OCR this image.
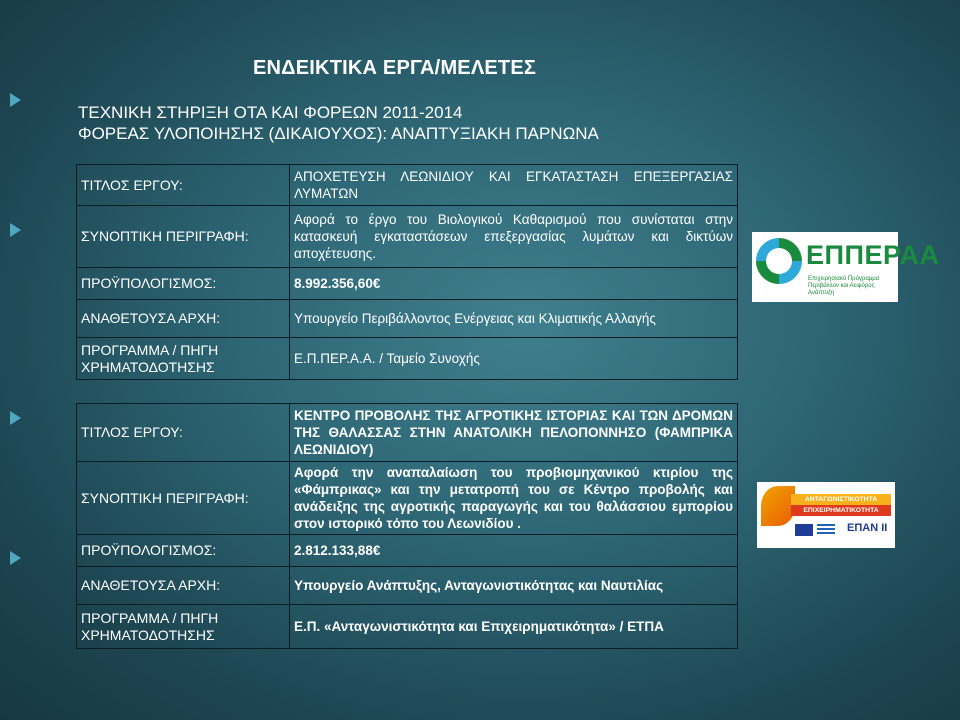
ΕΝΔΕΙΚΤΙΚΑ ΕΡΓΑ/ΜΕΛΕΤΕΣ

ΤΕΧΝΙΚΗ ΣΤΗΡΙΞΗ ΟΤΑ ΚΑΙ ΦΟΡΕΩΝ 2011-2014

ΦΟΡΕΑΣ ΥΛΟΠΟΙΗΣΗΣ (ΔΙΚΑΙΟΥΧΟΣ): ΑΝΑΠΤΥΞΙΑΚΗ ΠΑΡΝΩΝΑ

ΤΙΤΛΟΣ ΕΡΓΟΥ:	ΑΠΟΧΕΤΕΥΣΗ ΛΕΩΝΙΔΙΟΥ ΚΑΙ ΕΓΚΑΤΑΣΤΑΣΗ ΕΠΕΞΕΡΓΑΣΙΑΣ ΛΥΜΑΤΩΝ
ΣΥΝΟΠΤΙΚΗ ΠΕΡΙΓΡΑΦΗ:	Αφορά το έργο του Βιολογικού Καθαρισμού που συνίσταται στην κατασκευή εγκαταστάσεων επεξεργασίας λυμάτων και δικτύων αποχέτευσης.
ΠΡΟΫΠΟΛΟΓΙΣΜΟΣ:	8.992.356,60€
ΑΝΑΘΕΤΟΥΣΑ ΑΡΧΗ:	Υπουργείο Περιβάλλοντος Ενέργειας και Κλιματικής Αλλαγής
ΠΡΟΓΡΑΜΜΑ / ΠΗΓΗ ΧΡΗΜΑΤΟΔΟΤΗΣΗΣ	Ε.Π.ΠΕΡ.Α.Α. / Ταμείο Συνοχής
ΤΙΤΛΟΣ ΕΡΓΟΥ:	ΚΕΝΤΡΟ ΠΡΟΒΟΛΗΣ ΤΗΣ ΑΓΡΟΤΙΚΗΣ ΙΣΤΟΡΙΑΣ ΚΑΙ ΤΩΝ ΔΡΟΜΩΝ ΤΗΣ ΘΑΛΑΣΣΑΣ ΣΤΗΝ ΑΝΑΤΟΛΙΚΗ ΠΕΛΟΠΟΝΝΗΣΟ (ΦΑΜΠΡΙΚΑ ΛΕΩΝΙΔΙΟΥ)
ΣΥΝΟΠΤΙΚΗ ΠΕΡΙΓΡΑΦΗ:	Αφορά την αναπαλαίωση του προβιομηχανικού κτιρίου της «Φάμπρικας» και την μετατροπή του σε Κέντρο προβολής και ανάδειξης της αγροτικής παραγωγής και του θαλάσσιου εμπορίου στον ιστορικό τόπο του Λεωνιδίου .
ΠΡΟΫΠΟΛΟΓΙΣΜΟΣ:	2.812.133,88€
ΑΝΑΘΕΤΟΥΣΑ ΑΡΧΗ:	Υπουργείο Ανάπτυξης, Ανταγωνιστικότητας και Ναυτιλίας
ΠΡΟΓΡΑΜΜΑ / ΠΗΓΗ ΧΡΗΜΑΤΟΔΟΤΗΣΗΣ	Ε.Π. «Ανταγωνιστικότητα και Επιχειρηματικότητα» / ΕΤΠΑ
ΕΠΠΕΡΑΑ
Επιχειρησιακό Πρόγραμμα Περιβάλλον και Αειφόρος Ανάπτυξη
ΑΝΤΑΓΩΝΙΣΤΙΚΟΤΗΤΑ
ΕΠΙΧΕΙΡΗΜΑΤΙΚΟΤΗΤΑ
ΕΠΑΝ ΙΙ
